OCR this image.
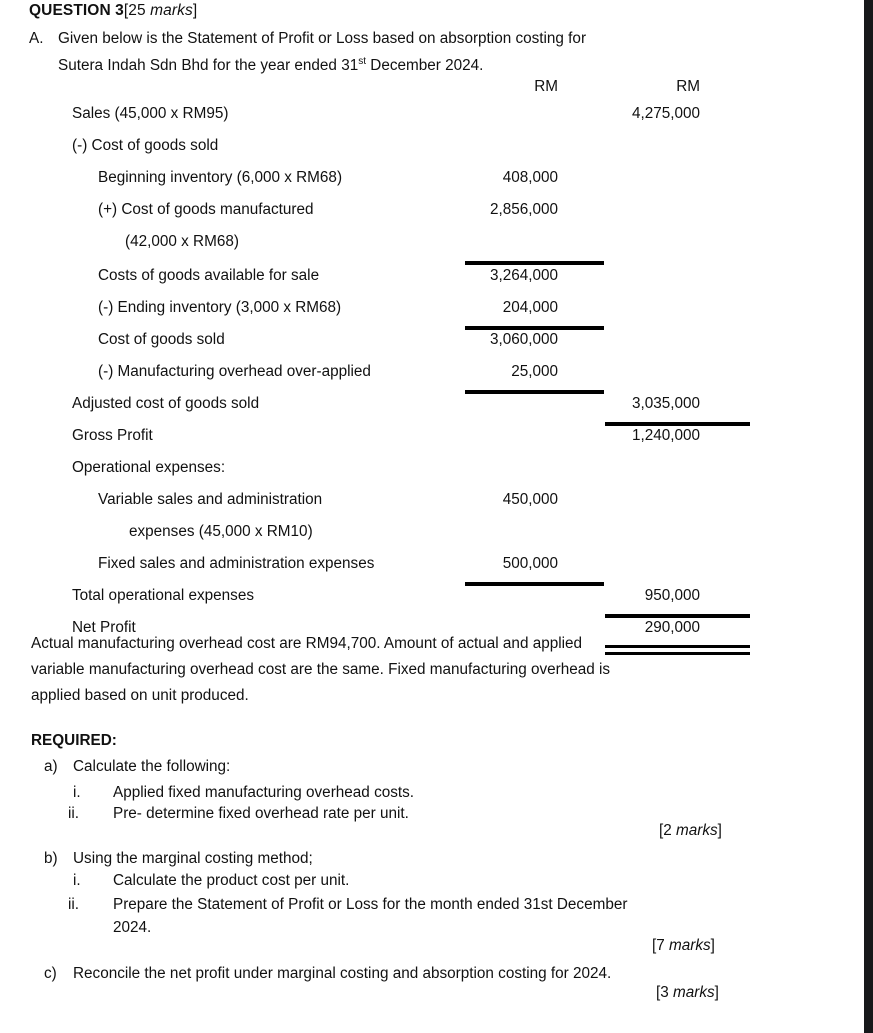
QUESTION 3[25 marks]
A. Given below is the Statement of Profit or Loss based on absorption costing for
Sutera Indah Sdn Bhd for the year ended 31st December 2024.
RM	RM
Sales (45,000 x RM95)	4,275,000
(-) Cost of goods sold
Beginning inventory (6,000 x RM68)	408,000
(+) Cost of goods manufactured	2,856,000
(42,000 x RM68)
Costs of goods available for sale	3,264,000
(-) Ending inventory (3,000 x RM68)	204,000
Cost of goods sold	3,060,000
(-) Manufacturing overhead over-applied	25,000
Adjusted cost of goods sold	3,035,000
Gross Profit	1,240,000
Operational expenses:
Variable sales and administration	450,000
expenses (45,000 x RM10)
Fixed sales and administration expenses	500,000
Total operational expenses	950,000
Net Profit	290,000
Actual manufacturing overhead cost are RM94,700. Amount of actual and applied
variable manufacturing overhead cost are the same. Fixed manufacturing overhead is
applied based on unit produced.
REQUIRED:
a) Calculate the following:
i. Applied fixed manufacturing overhead costs.
ii. Pre- determine fixed overhead rate per unit.
[2 marks]
b) Using the marginal costing method;
i. Calculate the product cost per unit.
ii. Prepare the Statement of Profit or Loss for the month ended 31st December
2024.
[7 marks]
c) Reconcile the net profit under marginal costing and absorption costing for 2024.
[3 marks]
